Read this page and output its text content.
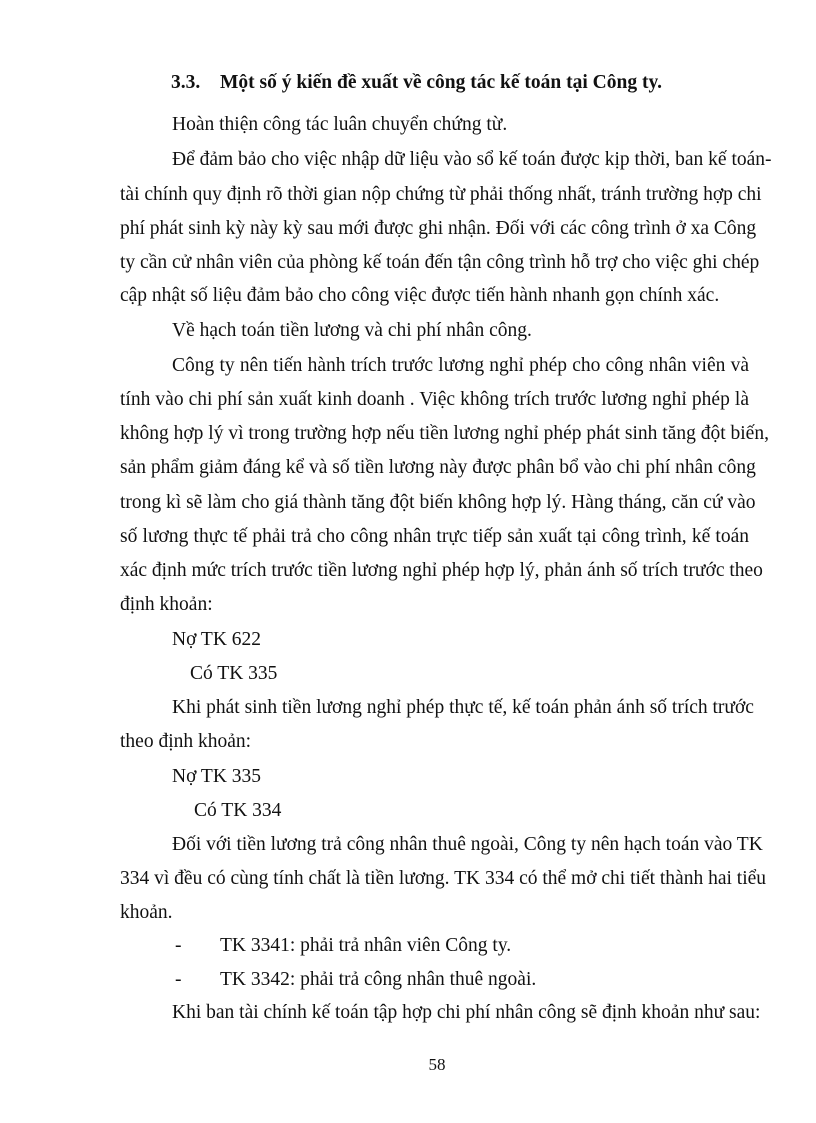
3.3. Một số ý kiến đề xuất về công tác kế toán tại Công ty.

Hoàn thiện công tác luân chuyển chứng từ.

Để đảm bảo cho việc nhập dữ liệu vào sổ kế toán được kịp thời, ban kế toán-

tài chính quy định rõ thời gian nộp chứng từ phải thống nhất, tránh trường hợp chi

phí phát sinh kỳ này kỳ sau mới được ghi nhận. Đối với các công trình ở xa Công

ty cần cử nhân viên của phòng kế toán đến tận công trình hỗ trợ cho việc ghi chép

cập nhật số liệu đảm bảo cho công việc được tiến hành nhanh gọn chính xác.

Về hạch toán tiền lương và chi phí nhân công.

Công ty nên tiến hành trích trước lương nghỉ phép cho công nhân viên và

tính vào chi phí sản xuất kinh doanh . Việc không trích trước lương nghỉ phép là

không hợp lý vì trong trường hợp nếu tiền lương nghỉ phép phát sinh tăng đột biến,

sản phẩm giảm đáng kể và số tiền lương này được phân bổ vào chi phí nhân công

trong kì sẽ làm cho giá thành tăng đột biến không hợp lý. Hàng tháng, căn cứ vào

số lương thực tế phải trả cho công nhân trực tiếp sản xuất tại công trình, kế toán

xác định mức trích trước tiền lương nghỉ phép hợp lý, phản ánh số trích trước theo

định khoản:

Nợ TK 622

Có TK 335

Khi phát sinh tiền lương nghỉ phép thực tế, kế toán phản ánh số trích trước

theo định khoản:

Nợ TK 335

Có TK 334

Đối với tiền lương trả công nhân thuê ngoài, Công ty nên hạch toán vào TK

334 vì đều có cùng tính chất là tiền lương. TK 334 có thể mở chi tiết thành hai tiểu

khoản.

- TK 3341: phải trả nhân viên Công ty.
- TK 3342: phải trả công nhân thuê ngoài.

Khi ban tài chính kế toán tập hợp chi phí nhân công sẽ định khoản như sau:

58
